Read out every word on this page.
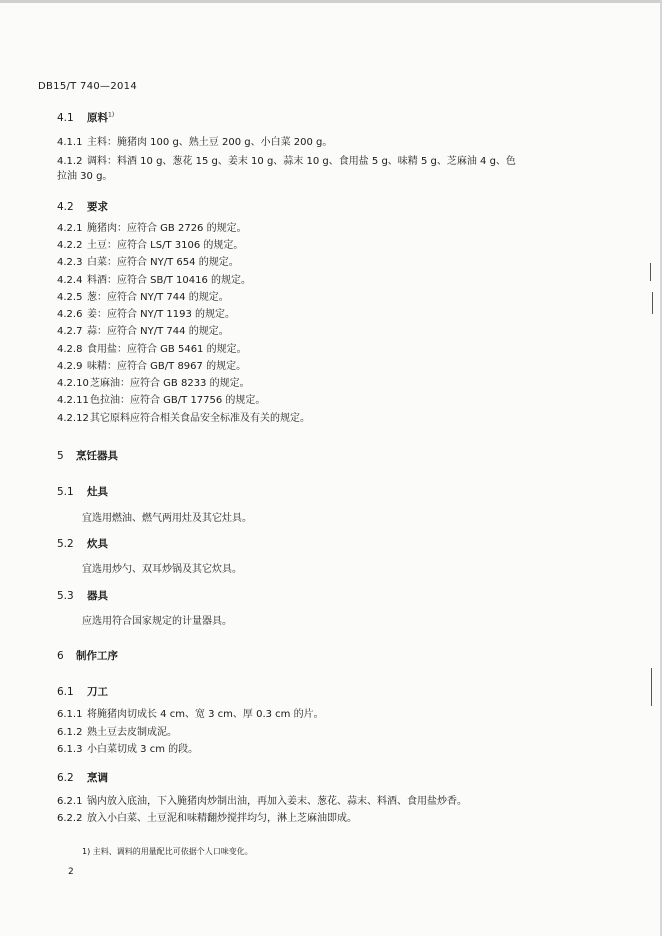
DB15/T 740—2014
4.1 原料$^{1)}$
4.1.1 主料：腌猪肉 100 g、熟土豆 200 g、小白菜 200 g。
4.1.2 调料：料酒 10 g、葱花 15 g、姜末 10 g、蒜末 10 g、食用盐 5 g、味精 5 g、芝麻油 4 g、色
拉油 30 g。
4.2 要求
4.2.1 腌猪肉：应符合 GB 2726 的规定。
4.2.2 土豆：应符合 LS/T 3106 的规定。
4.2.3 白菜：应符合 NY/T 654 的规定。
4.2.4 料酒：应符合 SB/T 10416 的规定。
4.2.5 葱：应符合 NY/T 744 的规定。
4.2.6 姜：应符合 NY/T 1193 的规定。
4.2.7 蒜：应符合 NY/T 744 的规定。
4.2.8 食用盐：应符合 GB 5461 的规定。
4.2.9 味精：应符合 GB/T 8967 的规定。
4.2.10芝麻油：应符合 GB 8233 的规定。
4.2.11色拉油：应符合 GB/T 17756 的规定。
4.2.12其它原料应符合相关食品安全标准及有关的规定。
5 烹饪器具
5.1 灶具
宜选用燃油、燃气两用灶及其它灶具。
5.2 炊具
宜选用炒勺、双耳炒锅及其它炊具。
5.3 器具
应选用符合国家规定的计量器具。
6 制作工序
6.1 刀工
6.1.1 将腌猪肉切成长 4 cm、宽 3 cm、厚 0.3 cm 的片。
6.1.2 熟土豆去皮制成泥。
6.1.3 小白菜切成 3 cm 的段。
6.2 烹调
6.2.1 锅内放入底油，下入腌猪肉炒制出油，再加入姜末、葱花、蒜末、料酒、食用盐炒香。
6.2.2 放入小白菜、土豆泥和味精翻炒搅拌均匀，淋上芝麻油即成。
1) 主料、调料的用量配比可依据个人口味变化。
2
